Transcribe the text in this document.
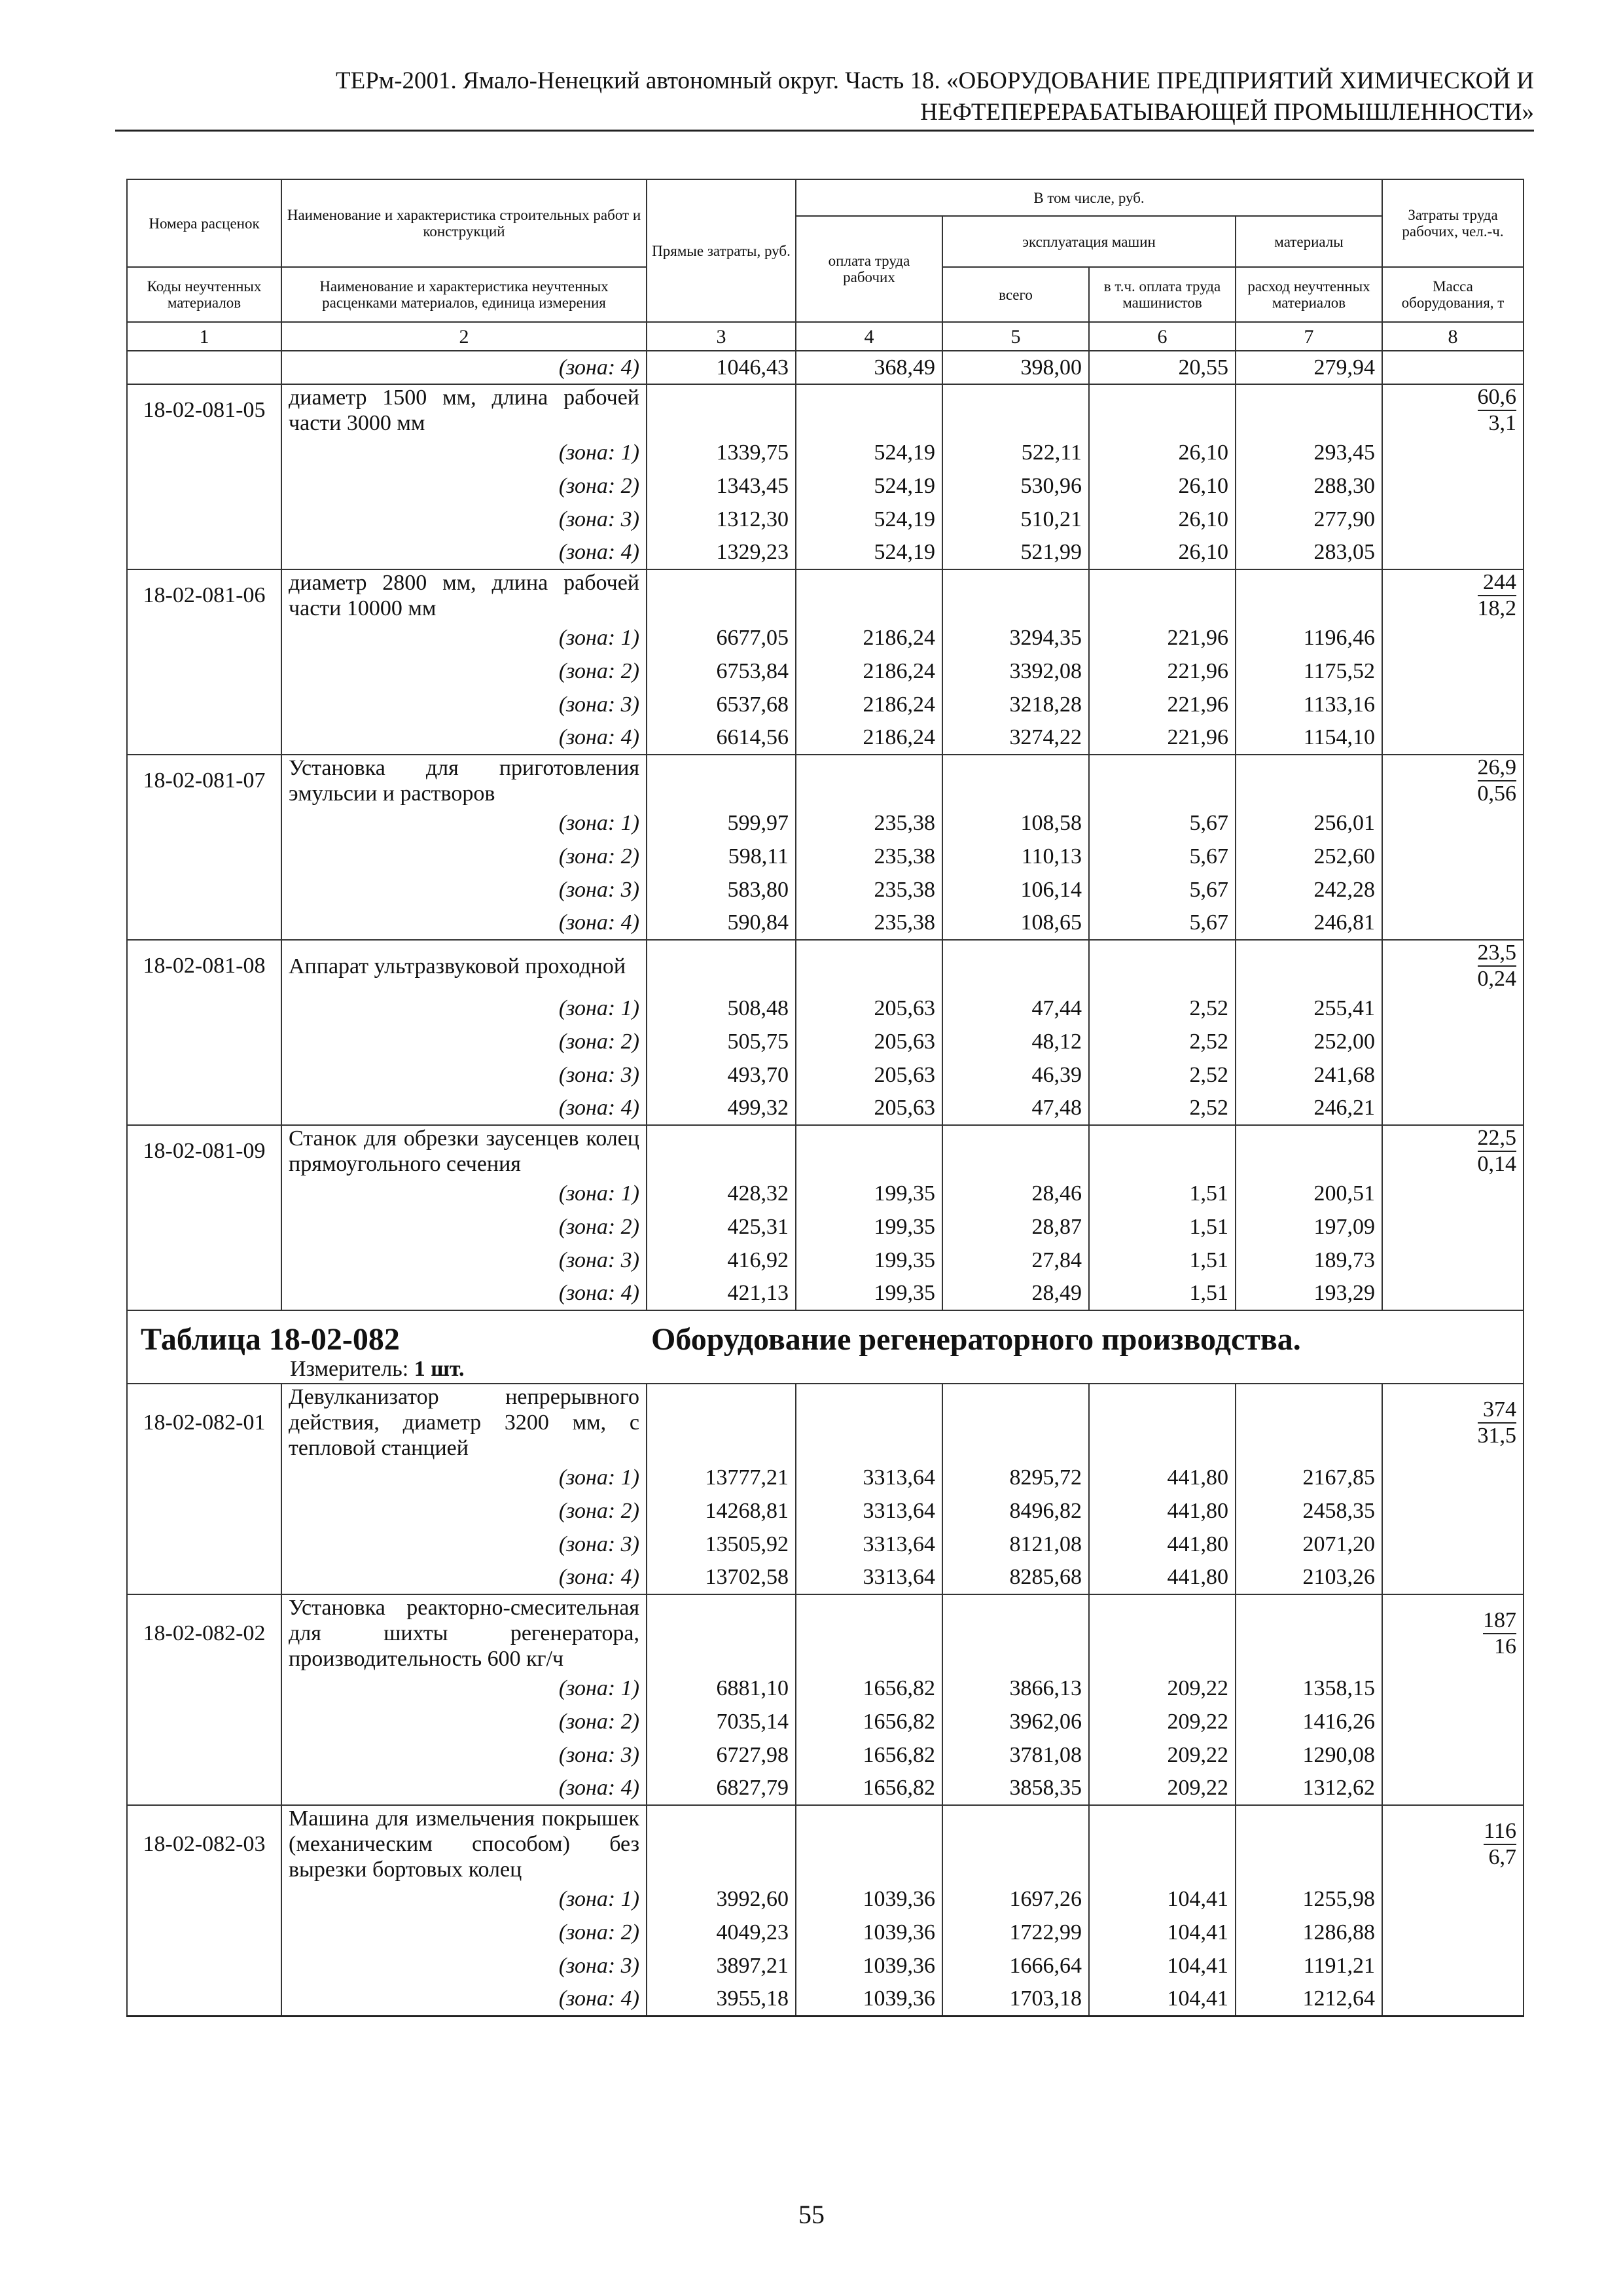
ТЕРм-2001. Ямало-Ненецкий автономный округ. Часть 18. «ОБОРУДОВАНИЕ ПРЕДПРИЯТИЙ ХИМИЧЕСКОЙ И
НЕФТЕПЕРЕРАБАТЫВАЮЩЕЙ ПРОМЫШЛЕННОСТИ»
Номера расценок	Наименование и характеристика строительных работ и конструкций	Прямые затраты, руб.	В том числе, руб.				Затраты труда рабочих, чел.-ч.
			оплата труда рабочих	эксплуатация машин		материалы	
Коды неучтенных материалов	Наименование и характеристика неучтенных расценками материалов, единица измерения			всего	в т.ч. оплата труда машинистов	расход неучтенных материалов	Масса оборудования, т
1	2	3	4	5	6	7	8
	(зона: 4)	1046,43	368,49	398,00	20,55	279,94	
18-02-081-05	диаметр 1500 мм, длина рабочей части 3000 мм						$\frac{60,6}{3,1}$

	(зона: 1)	1339,75	524,19	522,11	26,10	293,45	
	(зона: 2)	1343,45	524,19	530,96	26,10	288,30	
	(зона: 3)	1312,30	524,19	510,21	26,10	277,90	
	(зона: 4)	1329,23	524,19	521,99	26,10	283,05	
18-02-081-06	диаметр 2800 мм, длина рабочей части 10000 мм						$\frac{244}{18,2}$

	(зона: 1)	6677,05	2186,24	3294,35	221,96	1196,46	
	(зона: 2)	6753,84	2186,24	3392,08	221,96	1175,52	
	(зона: 3)	6537,68	2186,24	3218,28	221,96	1133,16	
	(зона: 4)	6614,56	2186,24	3274,22	221,96	1154,10	
18-02-081-07	Установка для приготовления эмульсии и растворов						$\frac{26,9}{0,56}$

	(зона: 1)	599,97	235,38	108,58	5,67	256,01	
	(зона: 2)	598,11	235,38	110,13	5,67	252,60	
	(зона: 3)	583,80	235,38	106,14	5,67	242,28	
	(зона: 4)	590,84	235,38	108,65	5,67	246,81	
18-02-081-08	Аппарат ультразвуковой проходной						$\frac{23,5}{0,24}$

	(зона: 1)	508,48	205,63	47,44	2,52	255,41	
	(зона: 2)	505,75	205,63	48,12	2,52	252,00	
	(зона: 3)	493,70	205,63	46,39	2,52	241,68	
	(зона: 4)	499,32	205,63	47,48	2,52	246,21	
18-02-081-09	Станок для обрезки заусенцев колец прямоугольного сечения						$\frac{22,5}{0,14}$

	(зона: 1)	428,32	199,35	28,46	1,51	200,51	
	(зона: 2)	425,31	199,35	28,87	1,51	197,09	
	(зона: 3)	416,92	199,35	27,84	1,51	189,73	
	(зона: 4)	421,13	199,35	28,49	1,51	193,29	

Таблица 18-02-082 Оборудование регенераторного производства.
Измеритель: 1 шт.							

18-02-082-01	Девулканизатор непрерывного действия, диаметр 3200 мм, с тепловой станцией						$\frac{374}{31,5}$

	(зона: 1)	13777,21	3313,64	8295,72	441,80	2167,85	
	(зона: 2)	14268,81	3313,64	8496,82	441,80	2458,35	
	(зона: 3)	13505,92	3313,64	8121,08	441,80	2071,20	
	(зона: 4)	13702,58	3313,64	8285,68	441,80	2103,26	
18-02-082-02	Установка реакторно-смесительная для шихты регенератора, производительность 600 кг/ч						$\frac{187}{16}$

	(зона: 1)	6881,10	1656,82	3866,13	209,22	1358,15	
	(зона: 2)	7035,14	1656,82	3962,06	209,22	1416,26	
	(зона: 3)	6727,98	1656,82	3781,08	209,22	1290,08	
	(зона: 4)	6827,79	1656,82	3858,35	209,22	1312,62	
18-02-082-03	Машина для измельчения покрышек (механическим способом) без вырезки бортовых колец						$\frac{116}{6,7}$

	(зона: 1)	3992,60	1039,36	1697,26	104,41	1255,98	
	(зона: 2)	4049,23	1039,36	1722,99	104,41	1286,88	
	(зона: 3)	3897,21	1039,36	1666,64	104,41	1191,21	
	(зона: 4)	3955,18	1039,36	1703,18	104,41	1212,64	
55
